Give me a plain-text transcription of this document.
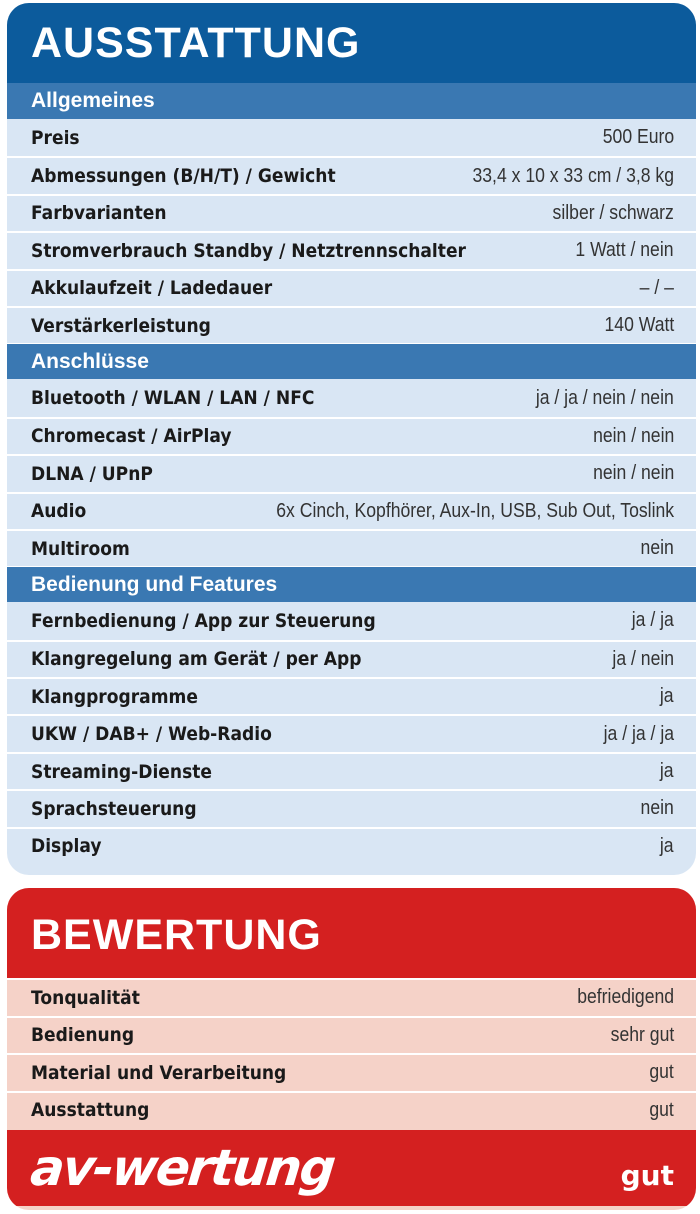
AUSSTATTUNG
Allgemeines
Preis	500 Euro
Abmessungen (B/H/T) / Gewicht	33,4 x 10 x 33 cm / 3,8 kg
Farbvarianten	silber / schwarz
Stromverbrauch Standby / Netztrennschalter	1 Watt / nein
Akkulaufzeit / Ladedauer	– / –
Verstärkerleistung	140 Watt
Anschlüsse
Bluetooth / WLAN / LAN / NFC	ja / ja / nein / nein
Chromecast / AirPlay	nein / nein
DLNA / UPnP	nein / nein
Audio	6x Cinch, Kopfhörer, Aux-In, USB, Sub Out, Toslink
Multiroom	nein
Bedienung und Features
Fernbedienung / App zur Steuerung	ja / ja
Klangregelung am Gerät / per App	ja / nein
Klangprogramme	ja
UKW / DAB+ / Web-Radio	ja / ja / ja
Streaming-Dienste	ja
Sprachsteuerung	nein
Display	ja
BEWERTUNG
Tonqualität	befriedigend
Bedienung	sehr gut
Material und Verarbeitung	gut
Ausstattung	gut
av-wertung	gut
